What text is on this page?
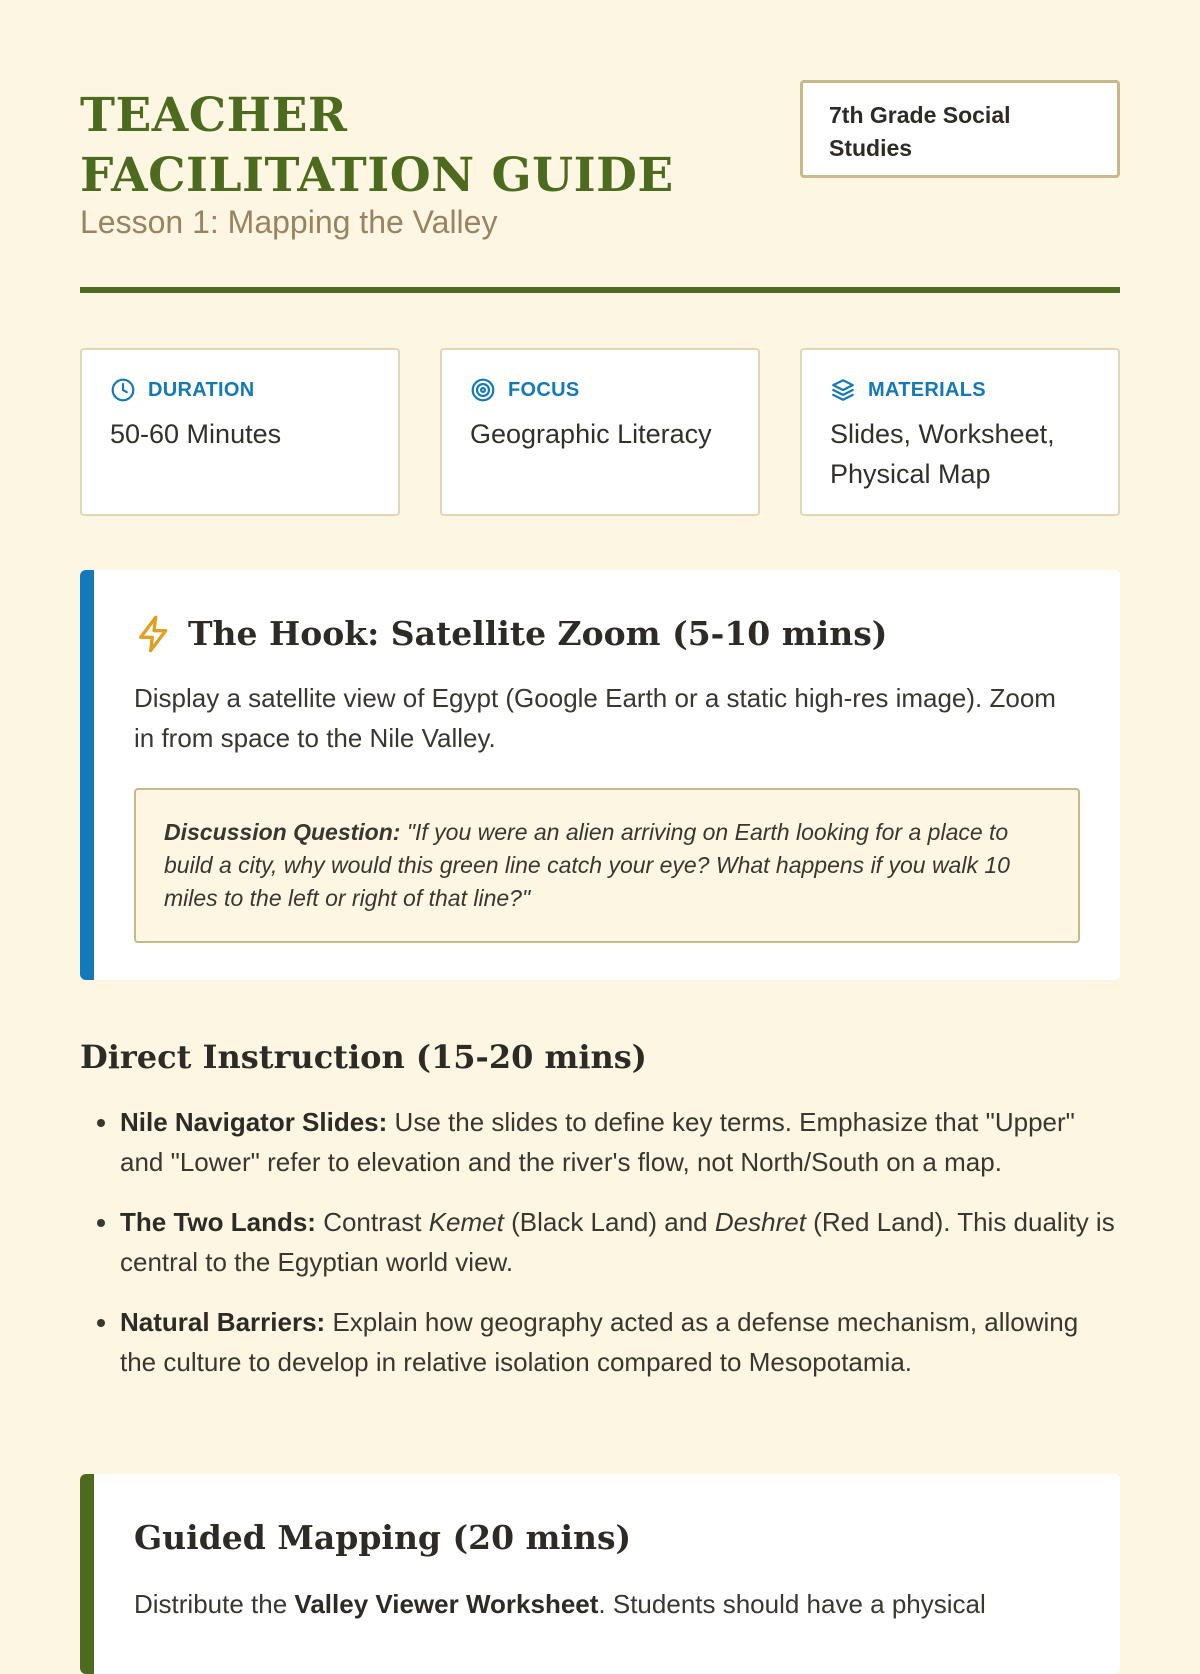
TEACHER FACILITATION GUIDE
Lesson 1: Mapping the Valley
7th Grade Social Studies
DURATION
50-60 Minutes
FOCUS
Geographic Literacy
MATERIALS
Slides, Worksheet, Physical Map
The Hook: Satellite Zoom (5-10 mins)

Display a satellite view of Egypt (Google Earth or a static high-res image). Zoom in from space to the Nile Valley.

Discussion Question: "If you were an alien arriving on Earth looking for a place to build a city, why would this green line catch your eye? What happens if you walk 10 miles to the left or right of that line?"
Direct Instruction (15-20 mins)
• Nile Navigator Slides: Use the slides to define key terms. Emphasize that "Upper" and "Lower" refer to elevation and the river's flow, not North/South on a map.
• The Two Lands: Contrast Kemet (Black Land) and Deshret (Red Land). This duality is central to the Egyptian world view.
• Natural Barriers: Explain how geography acted as a defense mechanism, allowing the culture to develop in relative isolation compared to Mesopotamia.
Guided Mapping (20 mins)

Distribute the Valley Viewer Worksheet. Students should have a physical
